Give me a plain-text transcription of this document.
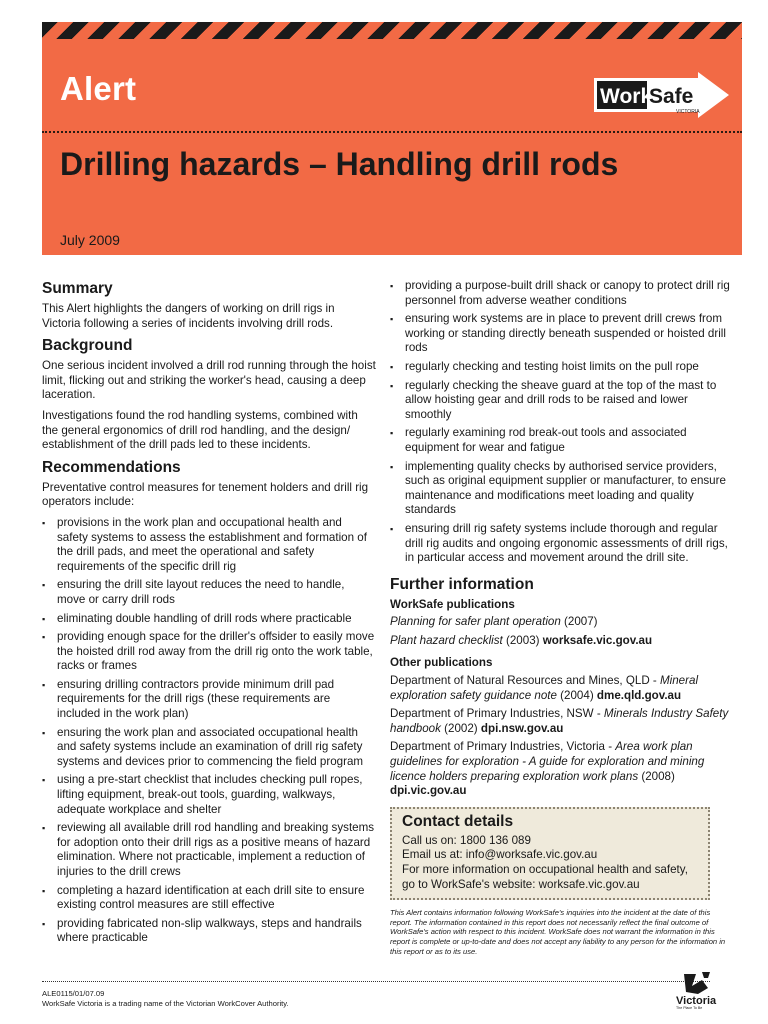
Alert	Work
Safe
VICTORIA
Drilling hazards – Handling drill rods
July 2009
Summary

This Alert highlights the dangers of working on drill rigs in Victoria following a series of incidents involving drill rods.

Background

One serious incident involved a drill rod running through the hoist limit, flicking out and striking the worker's head, causing a deep laceration.

Investigations found the rod handling systems, combined with the general ergonomics of drill rod handling, and the design/ establishment of the drill pads led to these incidents.

Recommendations

Preventative control measures for tenement holders and drill rig operators include:

▪ provisions in the work plan and occupational health and safety systems to assess the establishment and formation of the drill pads, and meet the operational and safety requirements of the specific drill rig
▪ ensuring the drill site layout reduces the need to handle, move or carry drill rods
▪ eliminating double handling of drill rods where practicable
▪ providing enough space for the driller's offsider to easily move the hoisted drill rod away from the drill rig onto the work table, racks or frames
▪ ensuring drilling contractors provide minimum drill pad requirements for the drill rigs (these requirements are included in the work plan)
▪ ensuring the work plan and associated occupational health and safety systems include an examination of drill rig safety systems and devices prior to commencing the field program
▪ using a pre-start checklist that includes checking pull ropes, lifting equipment, break-out tools, guarding, walkways, adequate workplace and shelter
▪ reviewing all available drill rod handling and breaking systems for adoption onto their drill rigs as a positive means of hazard elimination. Where not practicable, implement a reduction of injuries to the drill crews
▪ completing a hazard identification at each drill site to ensure existing control measures are still effective
▪ providing fabricated non-slip walkways, steps and handrails where practicable
▪ providing a purpose-built drill shack or canopy to protect drill rig personnel from adverse weather conditions
▪ ensuring work systems are in place to prevent drill crews from working or standing directly beneath suspended or hoisted drill rods
▪ regularly checking and testing hoist limits on the pull rope
▪ regularly checking the sheave guard at the top of the mast to allow hoisting gear and drill rods to be raised and lower smoothly
▪ regularly examining rod break-out tools and associated equipment for wear and fatigue
▪ implementing quality checks by authorised service providers, such as original equipment supplier or manufacturer, to ensure maintenance and modifications meet loading and quality standards
▪ ensuring drill rig safety systems include thorough and regular drill rig audits and ongoing ergonomic assessments of drill rigs, in particular access and movement around the drill site.
Further information
WorkSafe publications
Planning for safer plant operation (2007)
Plant hazard checklist (2003) worksafe.vic.gov.au
Other publications
Department of Natural Resources and Mines, QLD - Mineral exploration safety guidance note (2004) dme.qld.gov.au
Department of Primary Industries, NSW - Minerals Industry Safety handbook (2002) dpi.nsw.gov.au
Department of Primary Industries, Victoria - Area work plan guidelines for exploration - A guide for exploration and mining licence holders preparing exploration work plans (2008) dpi.vic.gov.au
Contact details
Call us on: 1800 136 089
Email us at: info@worksafe.vic.gov.au
For more information on occupational health and safety, go to WorkSafe's website: worksafe.vic.gov.au
This Alert contains information following WorkSafe's inquiries into the incident at the date of this report. The information contained in this report does not necessarily reflect the final outcome of WorkSafe's action with respect to this incident. WorkSafe does not warrant the information in this report is complete or up-to-date and does not accept any liability to any person for the information in this report or as to its use.
ALE0115/01/07.09
WorkSafe Victoria is a trading name of the Victorian WorkCover Authority.	Victoria
The Place To Be
